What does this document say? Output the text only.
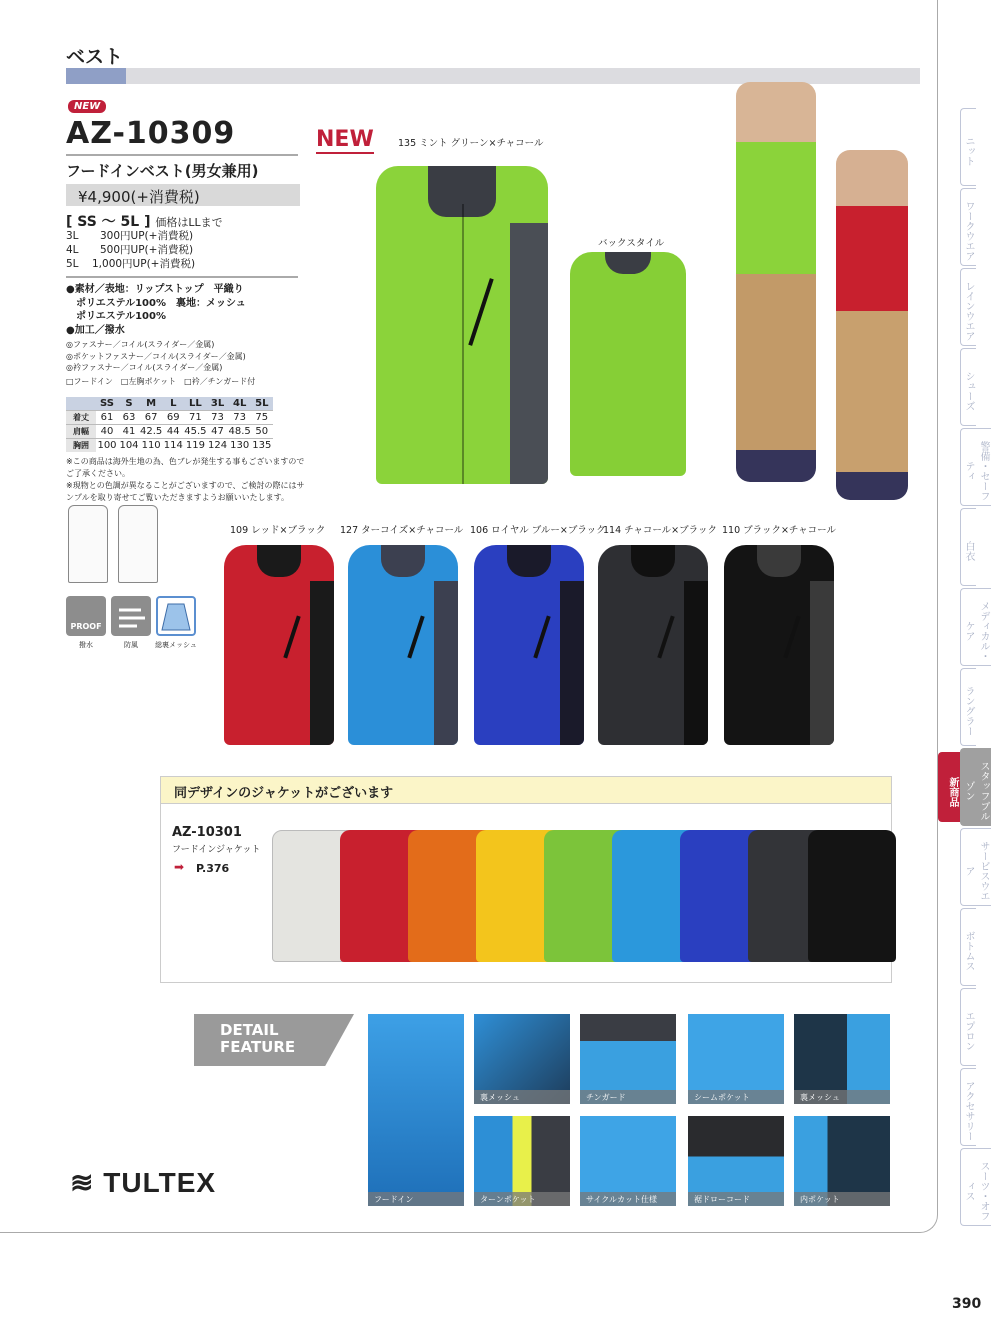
ベスト
NEW
AZ-10309
フードインベスト(男女兼用)
¥4,900(+消費税)
[ SS ～ 5L ] 価格はLLまで
3L 300円UP(+消費税)
4L 500円UP(+消費税)
5L 1,000円UP(+消費税)
●素材／表地：リップストップ　平織り
　ポリエステル100%　裏地：メッシュ
　ポリエステル100%
●加工／撥水
◎ファスナー／コイル(スライダー／金属)
◎ポケットファスナー／コイル(スライダー／金属)
◎衿ファスナー／コイル(スライダー／金属)
□フードイン　□左胸ポケット　□衿／チンガード付
	SS	S	M	L	LL	3L	4L	5L
着丈	61	63	67	69	71	73	73	75
肩幅	40	41	42.5	44	45.5	47	48.5	50
胸囲	100	104	110	114	119	124	130	135
※この商品は海外生地の為、色ブレが発生する事もございますのでご了承ください。
※現物との色調が異なることがございますので、ご検討の際にはサンプルを取り寄せてご覧いただきますようお願いいたします。
PROOF
撥水	防風	総裏メッシュ
NEW	135 ミント グリーン×チャコール
バックスタイル
109 レッド×ブラック 127 ターコイズ×チャコール 106 ロイヤル ブルー×ブラック
114 チャコール×ブラック 110 ブラック×チャコール
同デザインのジャケットがございます
AZ-10301
フードインジャケット
➡ P.376
DETAIL
FEATURE
フードイン
裏メッシュ	チンガード	シームポケット	裏メッシュ
ターンポケット	サイクルカット仕様	裾ドローコード	内ポケット
≋ TULTEX
390
ニット
ワークウエア
レインウエア
シューズ
警備・セーフティ
白衣
メディカル・ケア
ラングラー
スタッフブルゾン
サービスウエア
ボトムス
エプロン
アクセサリー
スーツ・オフィス
新商品
